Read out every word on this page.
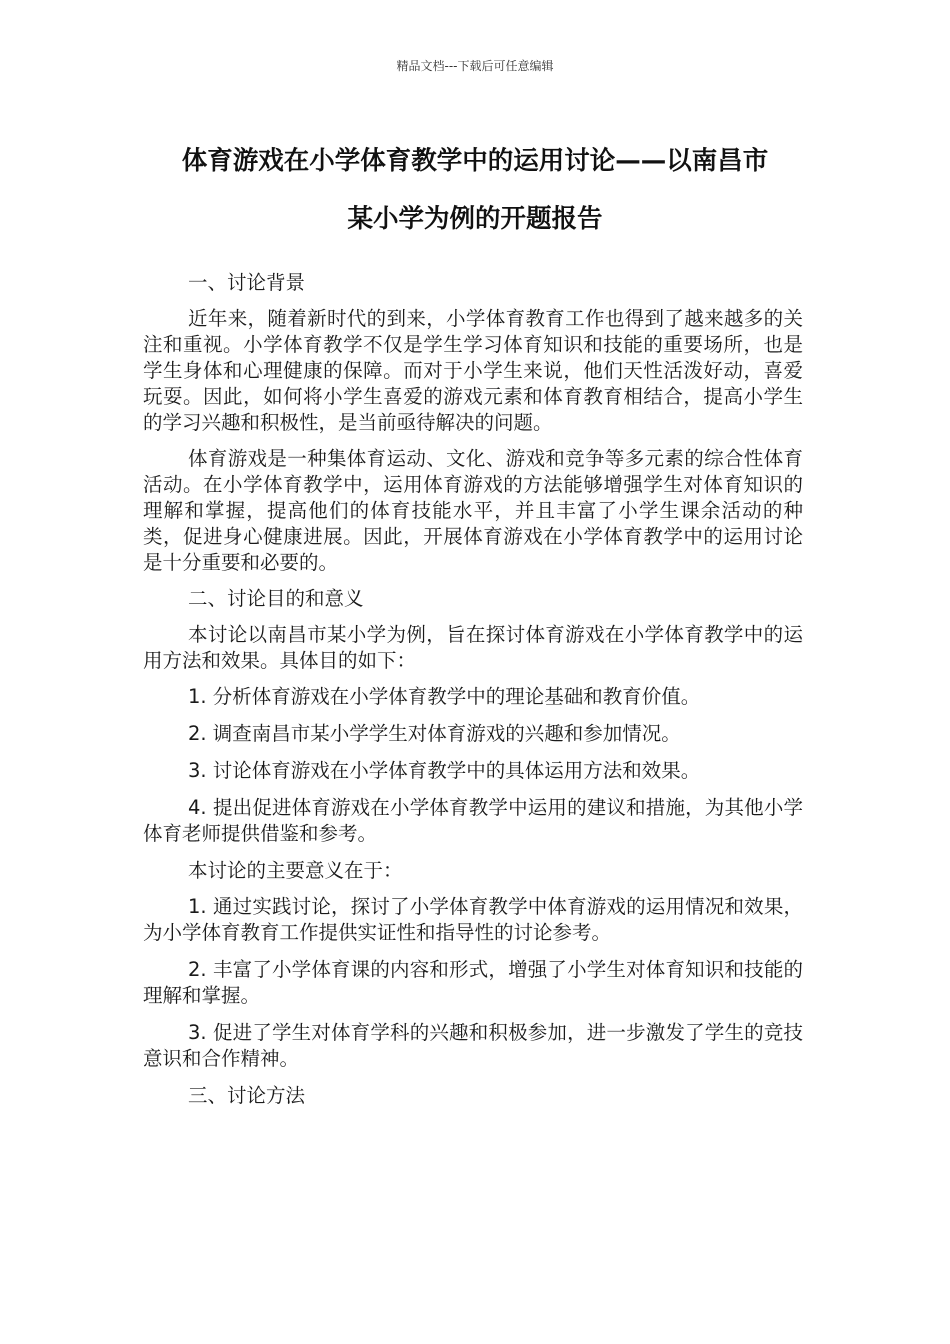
精品文档---下载后可任意编辑
体育游戏在小学体育教学中的运用讨论——以南昌市
某小学为例的开题报告

一、讨论背景

近年来，随着新时代的到来，小学体育教育工作也得到了越来越多的关注和重视。小学体育教学不仅是学生学习体育知识和技能的重要场所，也是学生身体和心理健康的保障。而对于小学生来说，他们天性活泼好动，喜爱玩耍。因此，如何将小学生喜爱的游戏元素和体育教育相结合，提高小学生的学习兴趣和积极性，是当前亟待解决的问题。

体育游戏是一种集体育运动、文化、游戏和竞争等多元素的综合性体育活动。在小学体育教学中，运用体育游戏的方法能够增强学生对体育知识的理解和掌握，提高他们的体育技能水平，并且丰富了小学生课余活动的种类，促进身心健康进展。因此，开展体育游戏在小学体育教学中的运用讨论是十分重要和必要的。

二、讨论目的和意义

本讨论以南昌市某小学为例，旨在探讨体育游戏在小学体育教学中的运用方法和效果。具体目的如下：

1. 分析体育游戏在小学体育教学中的理论基础和教育价值。

2. 调查南昌市某小学学生对体育游戏的兴趣和参加情况。

3. 讨论体育游戏在小学体育教学中的具体运用方法和效果。

4. 提出促进体育游戏在小学体育教学中运用的建议和措施，为其他小学体育老师提供借鉴和参考。

本讨论的主要意义在于：

1. 通过实践讨论，探讨了小学体育教学中体育游戏的运用情况和效果，为小学体育教育工作提供实证性和指导性的讨论参考。

2. 丰富了小学体育课的内容和形式，增强了小学生对体育知识和技能的理解和掌握。

3. 促进了学生对体育学科的兴趣和积极参加，进一步激发了学生的竞技意识和合作精神。

三、讨论方法
